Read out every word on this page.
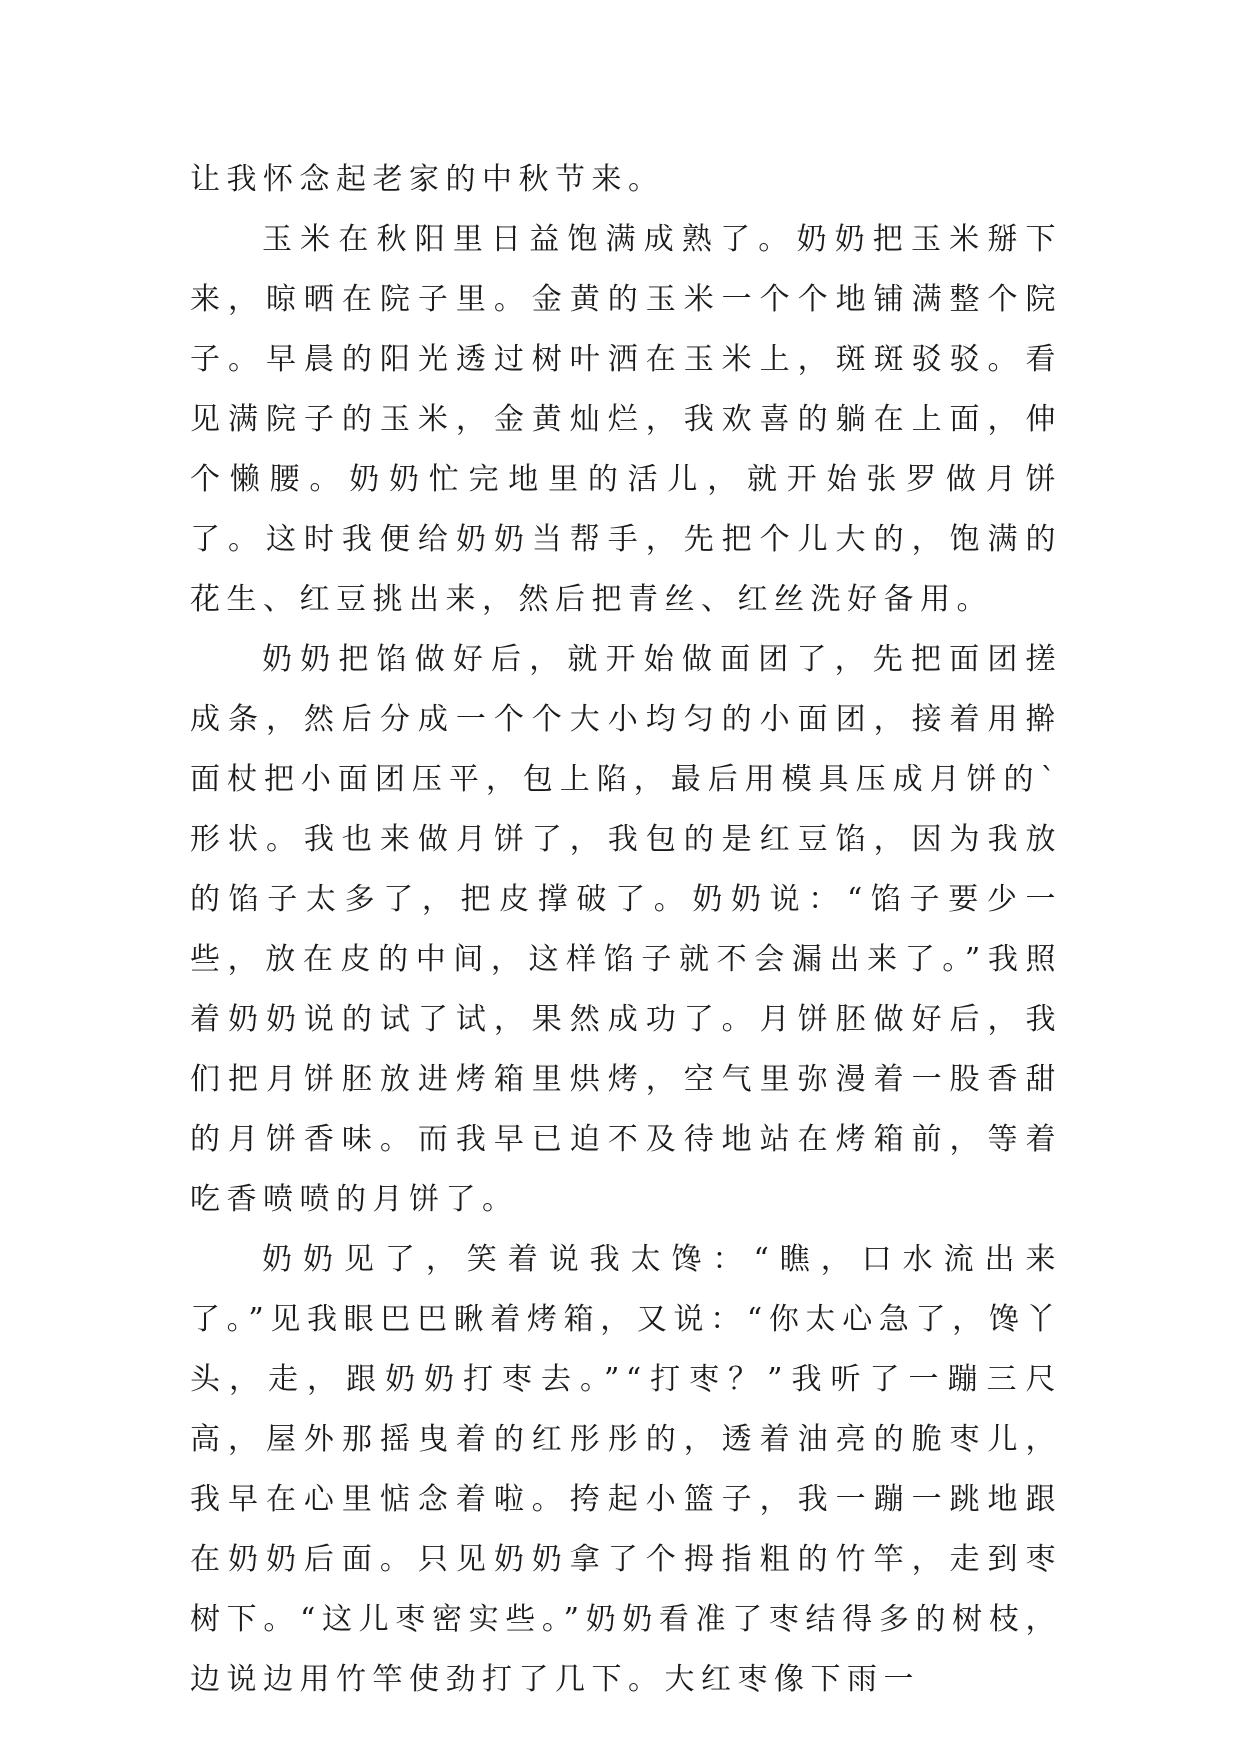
让我怀念起老家的中秋节来。

玉米在秋阳里日益饱满成熟了。奶奶把玉米掰下来，晾晒在院子里。金黄的玉米一个个地铺满整个院子。早晨的阳光透过树叶洒在玉米上，斑斑驳驳。看见满院子的玉米，金黄灿烂，我欢喜的躺在上面，伸个懒腰。奶奶忙完地里的活儿，就开始张罗做月饼了。这时我便给奶奶当帮手，先把个儿大的，饱满的花生、红豆挑出来，然后把青丝、红丝洗好备用。

奶奶把馅做好后，就开始做面团了，先把面团搓成条，然后分成一个个大小均匀的小面团，接着用擀面杖把小面团压平，包上陷，最后用模具压成月饼的`形状。我也来做月饼了，我包的是红豆馅，因为我放的馅子太多了，把皮撑破了。奶奶说：“馅子要少一些，放在皮的中间，这样馅子就不会漏出来了。”我照着奶奶说的试了试，果然成功了。月饼胚做好后，我们把月饼胚放进烤箱里烘烤，空气里弥漫着一股香甜的月饼香味。而我早已迫不及待地站在烤箱前，等着吃香喷喷的月饼了。

奶奶见了，笑着说我太馋：“瞧，口水流出来了。”见我眼巴巴瞅着烤箱，又说：“你太心急了，馋丫头，走，跟奶奶打枣去。”“打枣？”我听了一蹦三尺高，屋外那摇曳着的红彤彤的，透着油亮的脆枣儿，我早在心里惦念着啦。挎起小篮子，我一蹦一跳地跟在奶奶后面。只见奶奶拿了个拇指粗的竹竿，走到枣树下。“这儿枣密实些。”奶奶看准了枣结得多的树枝，边说边用竹竿使劲打了几下。大红枣像下雨一
